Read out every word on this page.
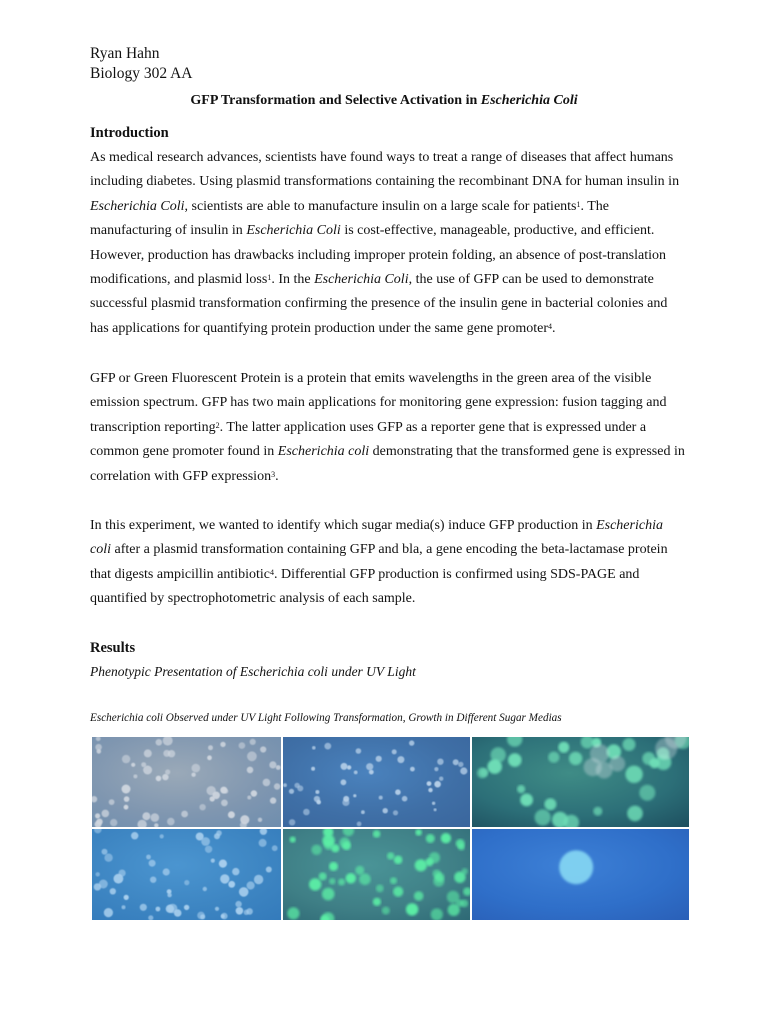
Ryan Hahn
Biology 302 AA
GFP Transformation and Selective Activation in Escherichia Coli
Introduction
As medical research advances, scientists have found ways to treat a range of diseases that affect humans
including diabetes. Using plasmid transformations containing the recombinant DNA for human insulin in
Escherichia Coli, scientists are able to manufacture insulin on a large scale for patients$^1$. The
manufacturing of insulin in Escherichia Coli is cost-effective, manageable, productive, and efficient.
However, production has drawbacks including improper protein folding, an absence of post-translation
modifications, and plasmid loss$^1$. In the Escherichia Coli, the use of GFP can be used to demonstrate
successful plasmid transformation confirming the presence of the insulin gene in bacterial colonies and
has applications for quantifying protein production under the same gene promoter$^4$.
GFP or Green Fluorescent Protein is a protein that emits wavelengths in the green area of the visible
emission spectrum. GFP has two main applications for monitoring gene expression: fusion tagging and
transcription reporting$^2$. The latter application uses GFP as a reporter gene that is expressed under a
common gene promoter found in Escherichia coli demonstrating that the transformed gene is expressed in
correlation with GFP expression$^3$.
In this experiment, we wanted to identify which sugar media(s) induce GFP production in Escherichia
coli after a plasmid transformation containing GFP and bla, a gene encoding the beta-lactamase protein
that digests ampicillin antibiotic$^4$. Differential GFP production is confirmed using SDS-PAGE and
quantified by spectrophotometric analysis of each sample.
Results
Phenotypic Presentation of Escherichia coli under UV Light
Escherichia coli Observed under UV Light Following Transformation, Growth in Different Sugar Medias
